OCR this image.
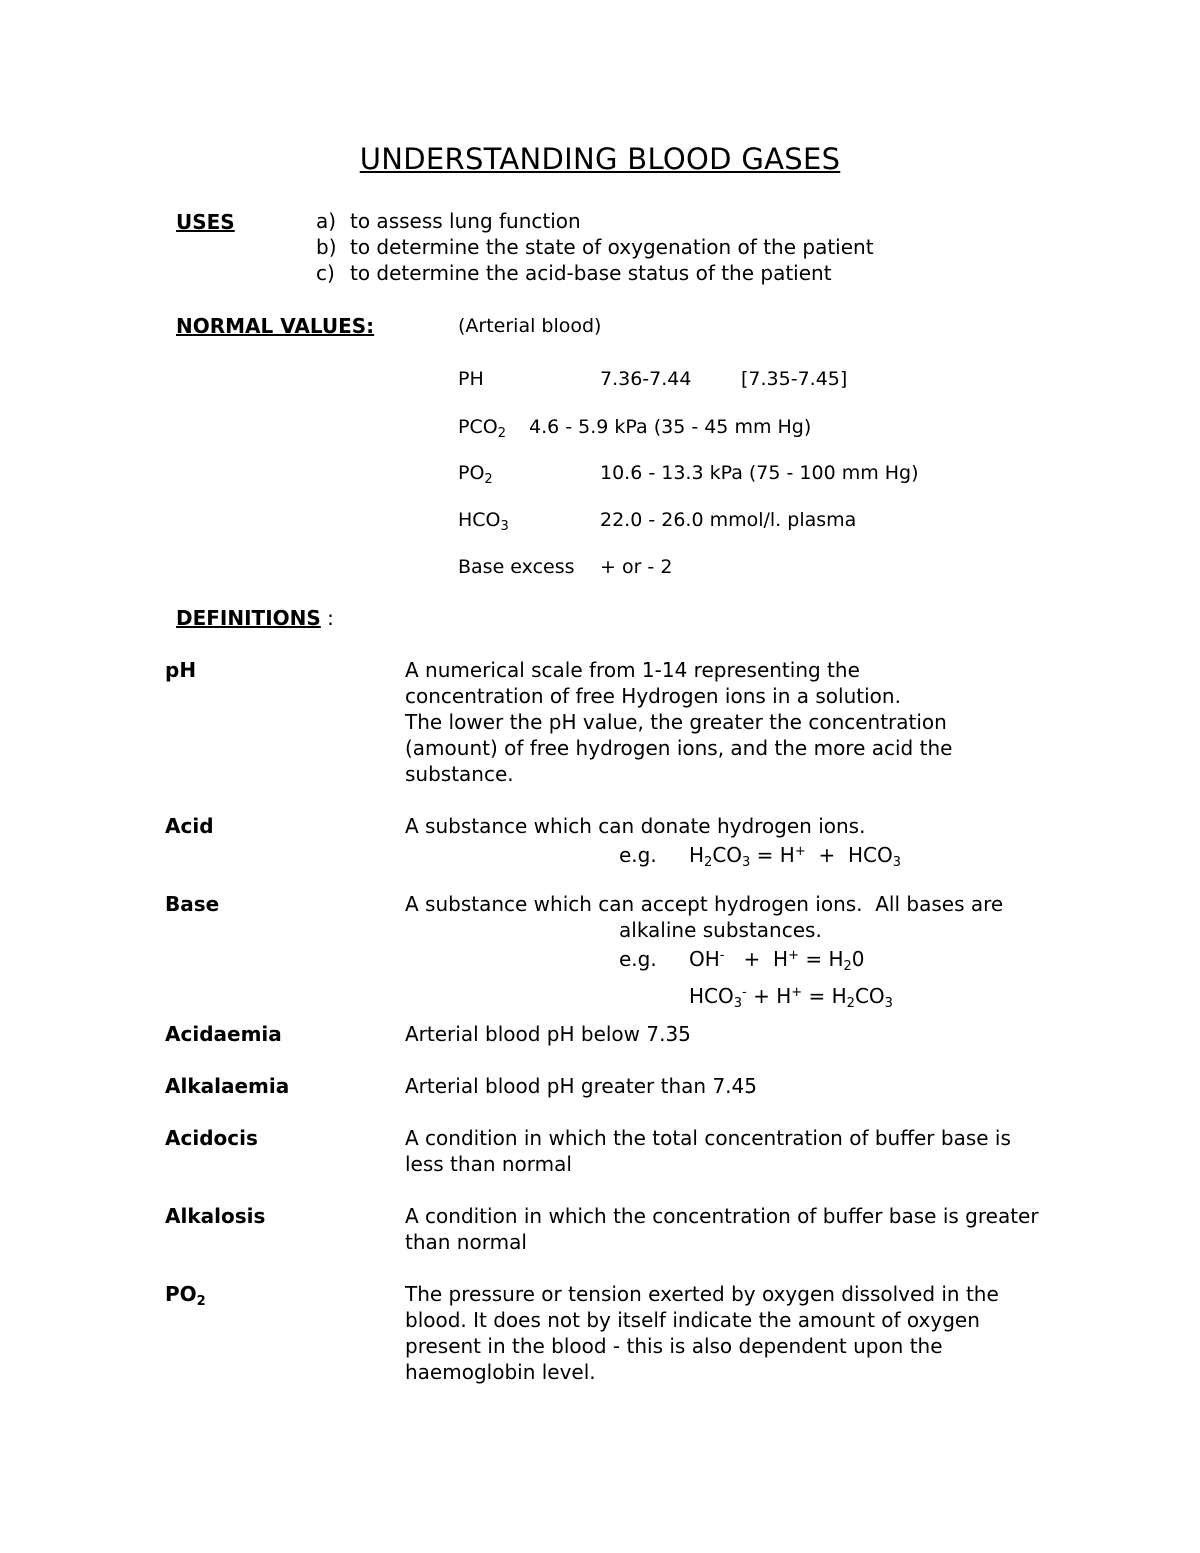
UNDERSTANDING BLOOD GASES
USES	a) to assess lung function
b) to determine the state of oxygenation of the patient
c) to determine the acid-base status of the patient
NORMAL VALUES:	(Arterial blood)
PH	7.36-7.44	[7.35-7.45]
$PCO_2$ 4.6 - 5.9 kPa (35 - 45 mm Hg)
$PO_2$	10.6 - 13.3 kPa (75 - 100 mm Hg)
$HCO_3$	22.0 - 26.0 mmol/l. plasma
Base excess + or - 2
DEFINITIONS :
pH	A numerical scale from 1-14 representing the
concentration of free Hydrogen ions in a solution.
The lower the pH value, the greater the concentration
(amount) of free hydrogen ions, and the more acid the
substance.
Acid	A substance which can donate hydrogen ions.
e.g. $H_2CO_3 = H^+ + HCO_3$
Base	A substance which can accept hydrogen ions.  All bases are
alkaline substances.
e.g. $OH^- + H^+ = H_20$
$HCO_3^- + H^+ = H_2CO_3$
Acidaemia	Arterial blood pH below 7.35
Alkalaemia	Arterial blood pH greater than 7.45
Acidocis	A condition in which the total concentration of buffer base is
less than normal
Alkalosis	A condition in which the concentration of buffer base is greater
than normal
$PO_2$	The pressure or tension exerted by oxygen dissolved in the
blood. It does not by itself indicate the amount of oxygen
present in the blood - this is also dependent upon the
haemoglobin level.
